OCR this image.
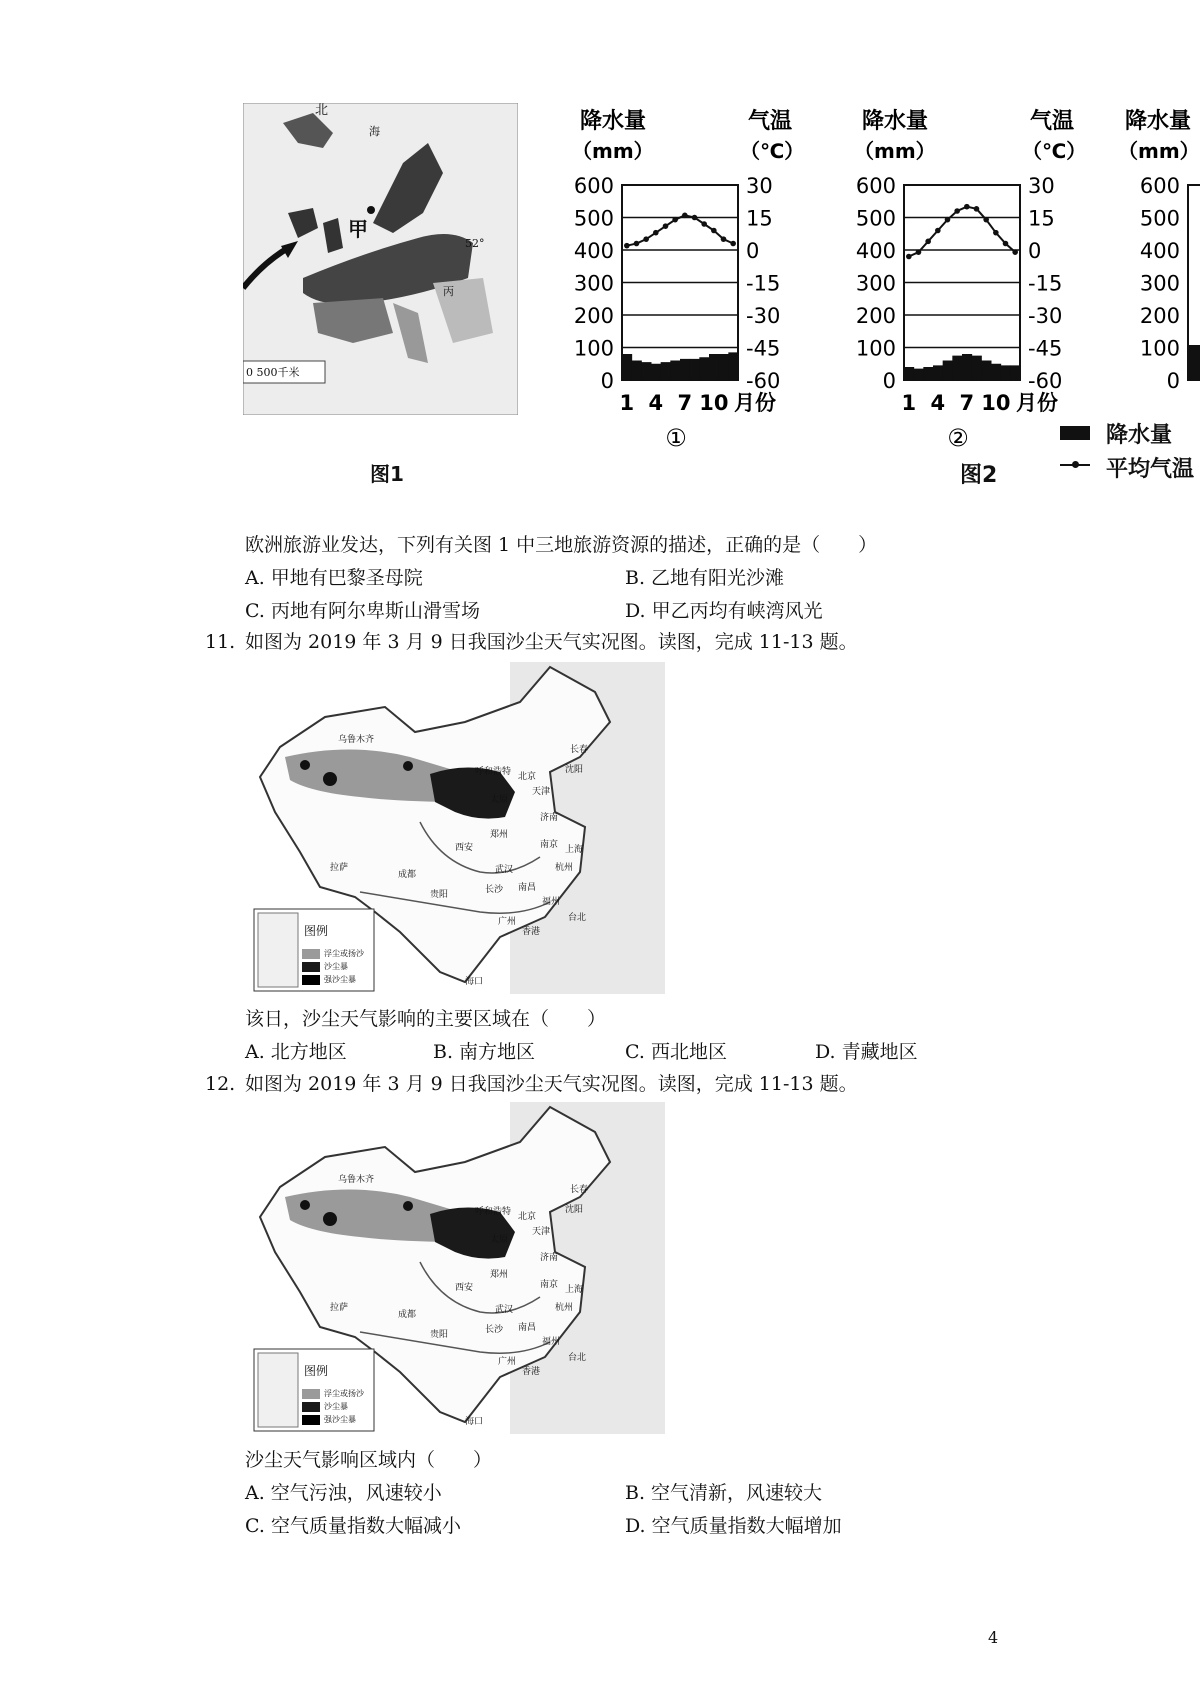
北
海
甲
丙
52°
0 500千米
图1
降水量
（mm）
气温
（℃）
600	30
500	15
400	0
300	-15
200	-30
100	-45
0	-60
1 4 7 10 月份
①
降水量
（mm）
气温
（℃）
600	30
500	15
400	0
300	-15
200	-30
100	-45
0	-60
1 4 7 10 月份
②
降水量
（mm）
600
500
400
300
200
100
0
降水量
平均气温
图2
欧洲旅游业发达，下列有关图 1 中三地旅游资源的描述，正确的是（　　）
A. 甲地有巴黎圣母院	B. 乙地有阳光沙滩
C. 丙地有阿尔卑斯山滑雪场	D. 甲乙丙均有峡湾风光
11. 如图为 2019 年 3 月 9 日我国沙尘天气实况图。读图，完成 11-13 题。
图例
浮尘或扬沙
沙尘暴
强沙尘暴
乌鲁木齐
拉萨
成都
呼和浩特 北京
沈阳
长春
天津
太原
济南
郑州
西安	南京 上海
武汉
长沙 南昌
杭州
贵阳
福州
台北
广州
香港
海口
该日，沙尘天气影响的主要区域在（　　）
A. 北方地区	B. 南方地区	C. 西北地区	D. 青藏地区
12. 如图为 2019 年 3 月 9 日我国沙尘天气实况图。读图，完成 11-13 题。
图例
浮尘或扬沙
沙尘暴
强沙尘暴
乌鲁木齐
拉萨
成都
呼和浩特 北京
沈阳
长春
天津
太原
济南
郑州
西安	南京 上海
武汉
长沙 南昌
杭州
贵阳
福州
台北
广州
香港
海口
沙尘天气影响区域内（　　）
A. 空气污浊，风速较小	B. 空气清新，风速较大
C. 空气质量指数大幅减小	D. 空气质量指数大幅增加
4
